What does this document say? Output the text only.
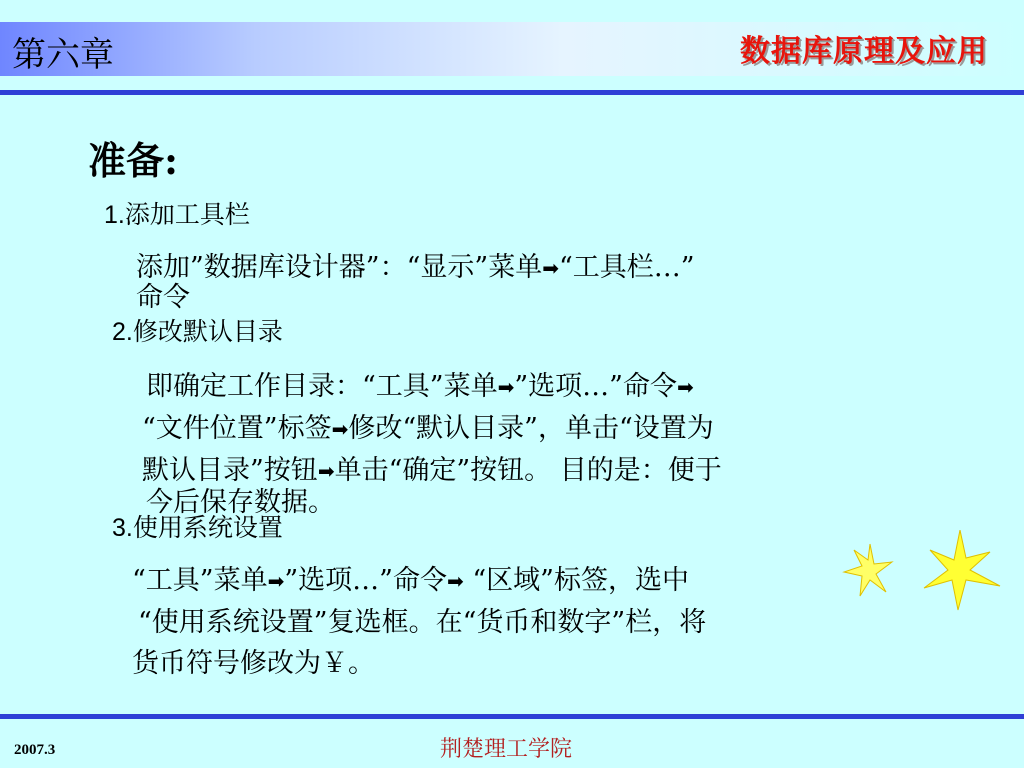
第六章	数据库原理及应用
准备:
1.添加工具栏
添加”数据库设计器”：“显示”菜单➡“工具栏…”
命令
2.修改默认目录
即确定工作目录：“工具”菜单➡”选项…”命令➡
“文件位置”标签➡修改“默认目录”，单击“设置为
默认目录”按钮➡单击“确定”按钮。 目的是：便于
今后保存数据。
3.使用系统设置
“工具”菜单➡”选项…”命令➡ “区域”标签，选中
“使用系统设置”复选框。在“货币和数字”栏，将
货币符号修改为￥。
2007.3	荆楚理工学院
